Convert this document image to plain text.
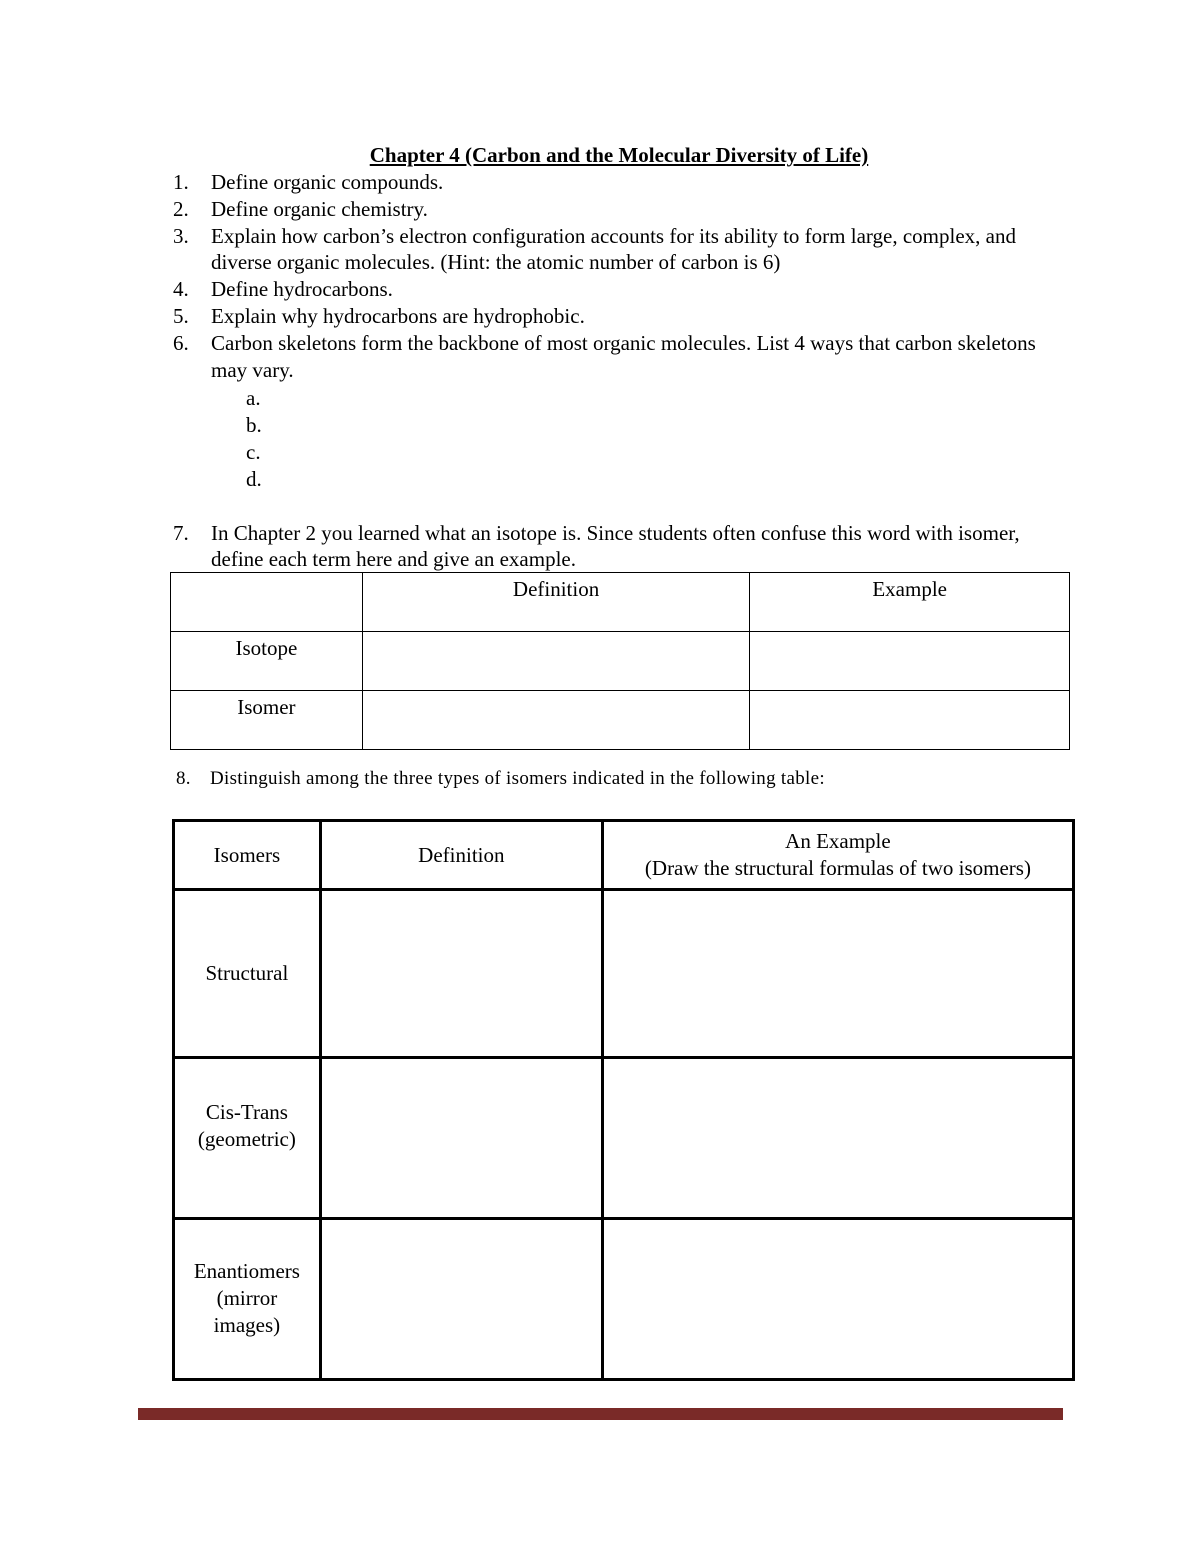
Chapter 4 (Carbon and the Molecular Diversity of Life)
1.	Define organic compounds.
2.	Define organic chemistry.
3.	Explain how carbon’s electron configuration accounts for its ability to form large, complex, and diverse organic molecules. (Hint: the atomic number of carbon is 6)
4.	Define hydrocarbons.
5.	Explain why hydrocarbons are hydrophobic.
6.	Carbon skeletons form the backbone of most organic molecules. List 4 ways that carbon skeletons may vary.
a.
b.
c.
d.
7.	In Chapter 2 you learned what an isotope is. Since students often confuse this word with isomer, define each term here and give an example.
	Definition	Example
Isotope		
Isomer		
8. Distinguish among the three types of isomers indicated in the following table:
Isomers	Definition	An Example
(Draw the structural formulas of two isomers)

Structural		

Cis-Trans
(geometric)		

Enantiomers
(mirror
images)		
